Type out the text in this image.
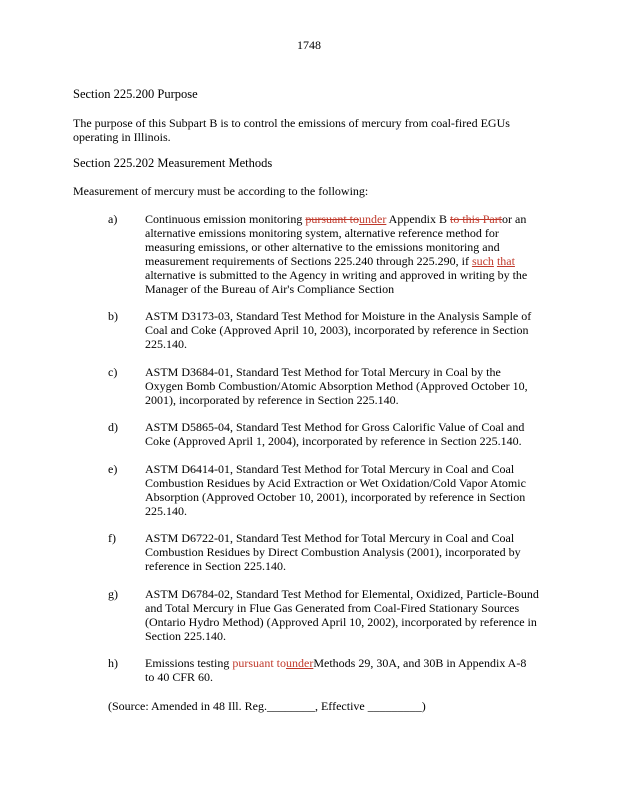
1748
Section 225.200 Purpose
The purpose of this Subpart B is to control the emissions of mercury from coal-fired EGUs
operating in Illinois.
Section 225.202 Measurement Methods
Measurement of mercury must be according to the following:
a) Continuous emission monitoring pursuant tounder Appendix B to this Partor an
alternative emissions monitoring system, alternative reference method for
measuring emissions, or other alternative to the emissions monitoring and
measurement requirements of Sections 225.240 through 225.290, if such that
alternative is submitted to the Agency in writing and approved in writing by the
Manager of the Bureau of Air's Compliance Section
b) ASTM D3173-03, Standard Test Method for Moisture in the Analysis Sample of
Coal and Coke (Approved April 10, 2003), incorporated by reference in Section
225.140.
c) ASTM D3684-01, Standard Test Method for Total Mercury in Coal by the
Oxygen Bomb Combustion/Atomic Absorption Method (Approved October 10,
2001), incorporated by reference in Section 225.140.
d) ASTM D5865-04, Standard Test Method for Gross Calorific Value of Coal and
Coke (Approved April 1, 2004), incorporated by reference in Section 225.140.
e) ASTM D6414-01, Standard Test Method for Total Mercury in Coal and Coal
Combustion Residues by Acid Extraction or Wet Oxidation/Cold Vapor Atomic
Absorption (Approved October 10, 2001), incorporated by reference in Section
225.140.
f) ASTM D6722-01, Standard Test Method for Total Mercury in Coal and Coal
Combustion Residues by Direct Combustion Analysis (2001), incorporated by
reference in Section 225.140.
g) ASTM D6784-02, Standard Test Method for Elemental, Oxidized, Particle-Bound
and Total Mercury in Flue Gas Generated from Coal-Fired Stationary Sources
(Ontario Hydro Method) (Approved April 10, 2002), incorporated by reference in
Section 225.140.
h) Emissions testing pursuant tounderMethods 29, 30A, and 30B in Appendix A-8
to 40 CFR 60.
(Source: Amended in 48 Ill. Reg.________, Effective _________)
